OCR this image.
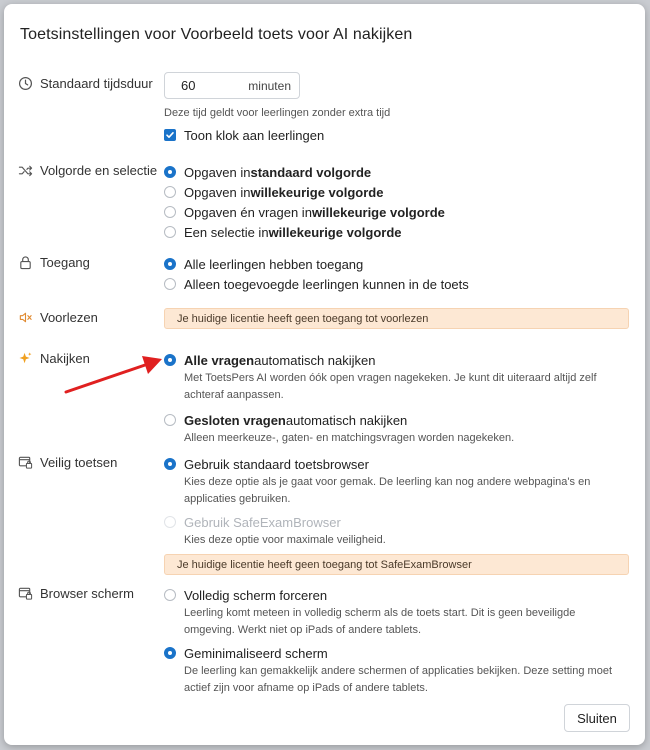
Toetsinstellingen voor Voorbeeld toets voor AI nakijken
Standaard tijdsduur 60	minuten
Deze tijd geldt voor leerlingen zonder extra tijd
Toon klok aan leerlingen
Volgorde en selectie Opgaven in standaard volgorde
Opgaven in willekeurige volgorde
Opgaven én vragen in willekeurige volgorde
Een selectie in willekeurige volgorde
Toegang	Alle leerlingen hebben toegang
Alleen toegevoegde leerlingen kunnen in de toets
Voorlezen	Je huidige licentie heeft geen toegang tot voorlezen
Nakijken	Alle vragen automatisch nakijken
Met ToetsPers AI worden óók open vragen nagekeken. Je kunt dit uiteraard altijd zelf achteraf aanpassen.
Gesloten vragen automatisch nakijken
Alleen meerkeuze-, gaten- en matchingsvragen worden nagekeken.
Veilig toetsen	Gebruik standaard toetsbrowser
Kies deze optie als je gaat voor gemak. De leerling kan nog andere webpagina's en applicaties gebruiken.
Gebruik SafeExamBrowser
Kies deze optie voor maximale veiligheid.
Je huidige licentie heeft geen toegang tot SafeExamBrowser
Browser scherm	Volledig scherm forceren
Leerling komt meteen in volledig scherm als de toets start. Dit is geen beveiligde omgeving. Werkt niet op iPads of andere tablets.
Geminimaliseerd scherm
De leerling kan gemakkelijk andere schermen of applicaties bekijken. Deze setting moet actief zijn voor afname op iPads of andere tablets.
Sluiten
